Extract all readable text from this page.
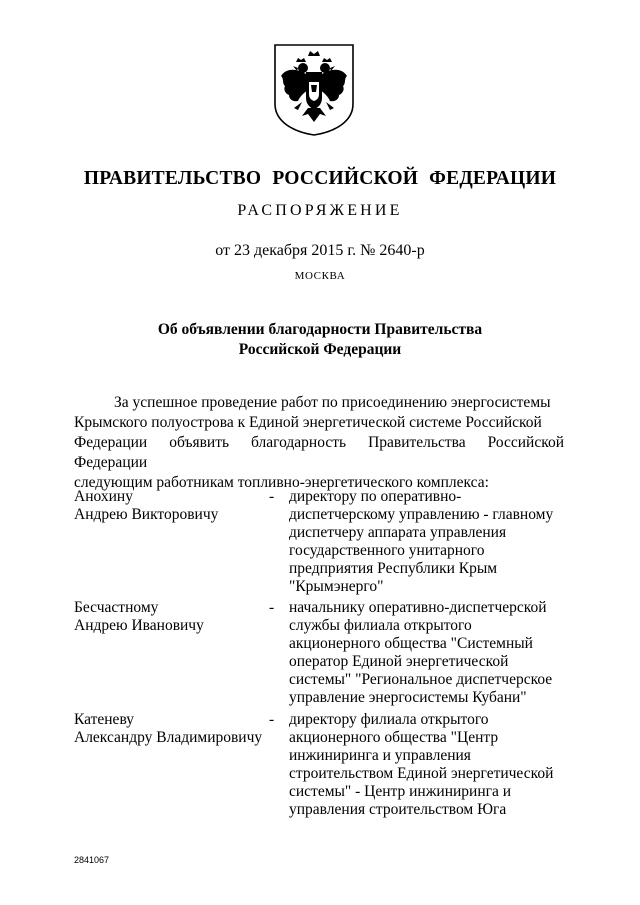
ПРАВИТЕЛЬСТВО РОССИЙСКОЙ ФЕДЕРАЦИИ
РАСПОРЯЖЕНИЕ
от 23 декабря 2015 г. № 2640-р
МОСКВА
Об объявлении благодарности Правительства
Российской Федерации

За успешное проведение работ по присоединению энергосистемы

Крымского полуострова к Единой энергетической системе Российской

Федерации объявить благодарность Правительства Российской Федерации

следующим работникам топливно-энергетического комплекса:

Анохину
Андрею Викторовичу
- директору по оперативно-
диспетчерскому управлению - главному
диспетчеру аппарата управления
государственного унитарного
предприятия Республики Крым
"Крымэнерго"
Бесчастному
Андрею Ивановичу
- начальнику оперативно-диспетчерской
службы филиала открытого
акционерного общества "Системный
оператор Единой энергетической
системы" "Региональное диспетчерское
управление энергосистемы Кубани"
Катеневу
Александру Владимировичу
- директору филиала открытого
акционерного общества "Центр
инжиниринга и управления
строительством Единой энергетической
системы" - Центр инжиниринга и
управления строительством Юга
2841067
